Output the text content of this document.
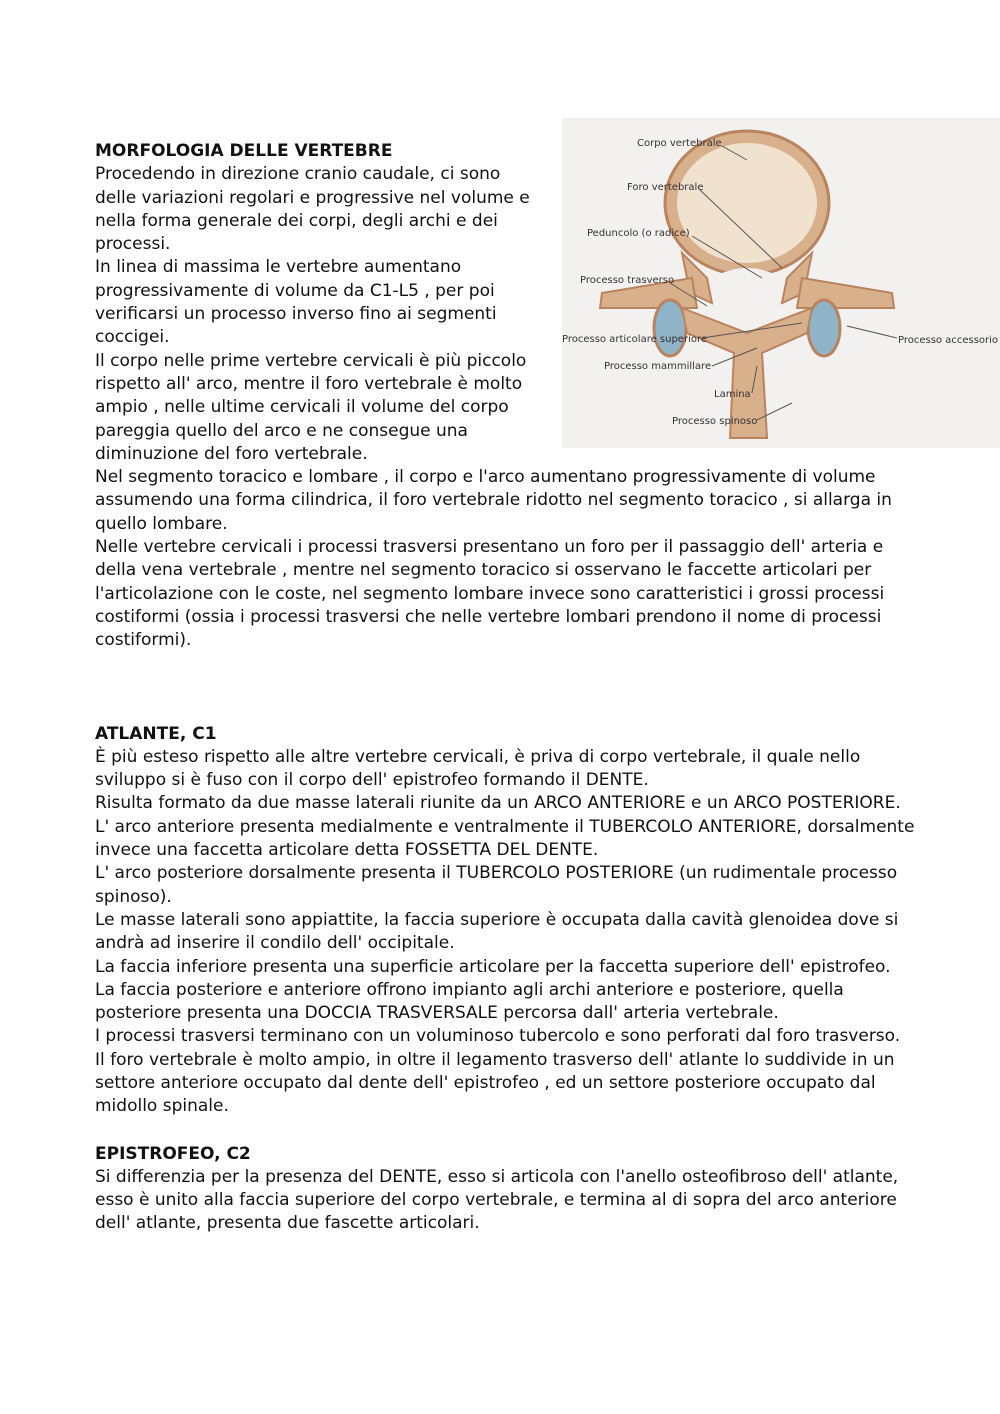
Corpo vertebrale
Foro vertebrale
Peduncolo (o radice)
Processo trasverso
Processo articolare superiore
Processo mammillare
Lamina
Processo spinoso
Processo accessorio

MORFOLOGIA DELLE VERTEBRE

Procedendo in direzione cranio caudale, ci sono delle variazioni regolari e progressive nel volume e nella forma generale dei corpi, degli archi e dei processi.

In linea di massima le vertebre aumentano progressivamente di volume da C1-L5 , per poi verificarsi un processo inverso fino ai segmenti coccigei.

Il corpo nelle prime vertebre cervicali è più piccolo rispetto all' arco, mentre il foro vertebrale è molto ampio , nelle ultime cervicali il volume del corpo pareggia quello del arco e ne consegue una diminuzione del foro vertebrale.

Nel segmento toracico e lombare , il corpo e l'arco aumentano progressivamente di volume assumendo una forma cilindrica, il foro vertebrale ridotto nel segmento toracico , si allarga in quello lombare.

Nelle vertebre cervicali i processi trasversi presentano un foro per il passaggio dell' arteria e della vena vertebrale , mentre nel segmento toracico si osservano le faccette articolari per l'articolazione con le coste, nel segmento lombare invece sono caratteristici i grossi processi costiformi (ossia i processi trasversi che nelle vertebre lombari prendono il nome di processi costiformi).

ATLANTE, C1

È più esteso rispetto alle altre vertebre cervicali, è priva di corpo vertebrale, il quale nello sviluppo si è fuso con il corpo dell' epistrofeo formando il DENTE.

Risulta formato da due masse laterali riunite da un ARCO ANTERIORE e un ARCO POSTERIORE.

L' arco anteriore presenta medialmente e ventralmente il TUBERCOLO ANTERIORE, dorsalmente invece una faccetta articolare detta FOSSETTA DEL DENTE.

L' arco posteriore dorsalmente presenta il TUBERCOLO POSTERIORE (un rudimentale processo spinoso).

Le masse laterali sono appiattite, la faccia superiore è occupata dalla cavità glenoidea dove si andrà ad inserire il condilo dell' occipitale.

La faccia inferiore presenta una superficie articolare per la faccetta superiore dell' epistrofeo.

La faccia posteriore e anteriore offrono impianto agli archi anteriore e posteriore, quella posteriore presenta una DOCCIA TRASVERSALE percorsa dall' arteria vertebrale.

I processi trasversi terminano con un voluminoso tubercolo e sono perforati dal foro trasverso.

Il foro vertebrale è molto ampio, in oltre il legamento trasverso dell' atlante lo suddivide in un settore anteriore occupato dal dente dell' epistrofeo , ed un settore posteriore occupato dal midollo spinale.

EPISTROFEO, C2

Si differenzia per la presenza del DENTE, esso si articola con l'anello osteofibroso dell' atlante, esso è unito alla faccia superiore del corpo vertebrale, e termina al di sopra del arco anteriore dell' atlante, presenta due fascette articolari.
